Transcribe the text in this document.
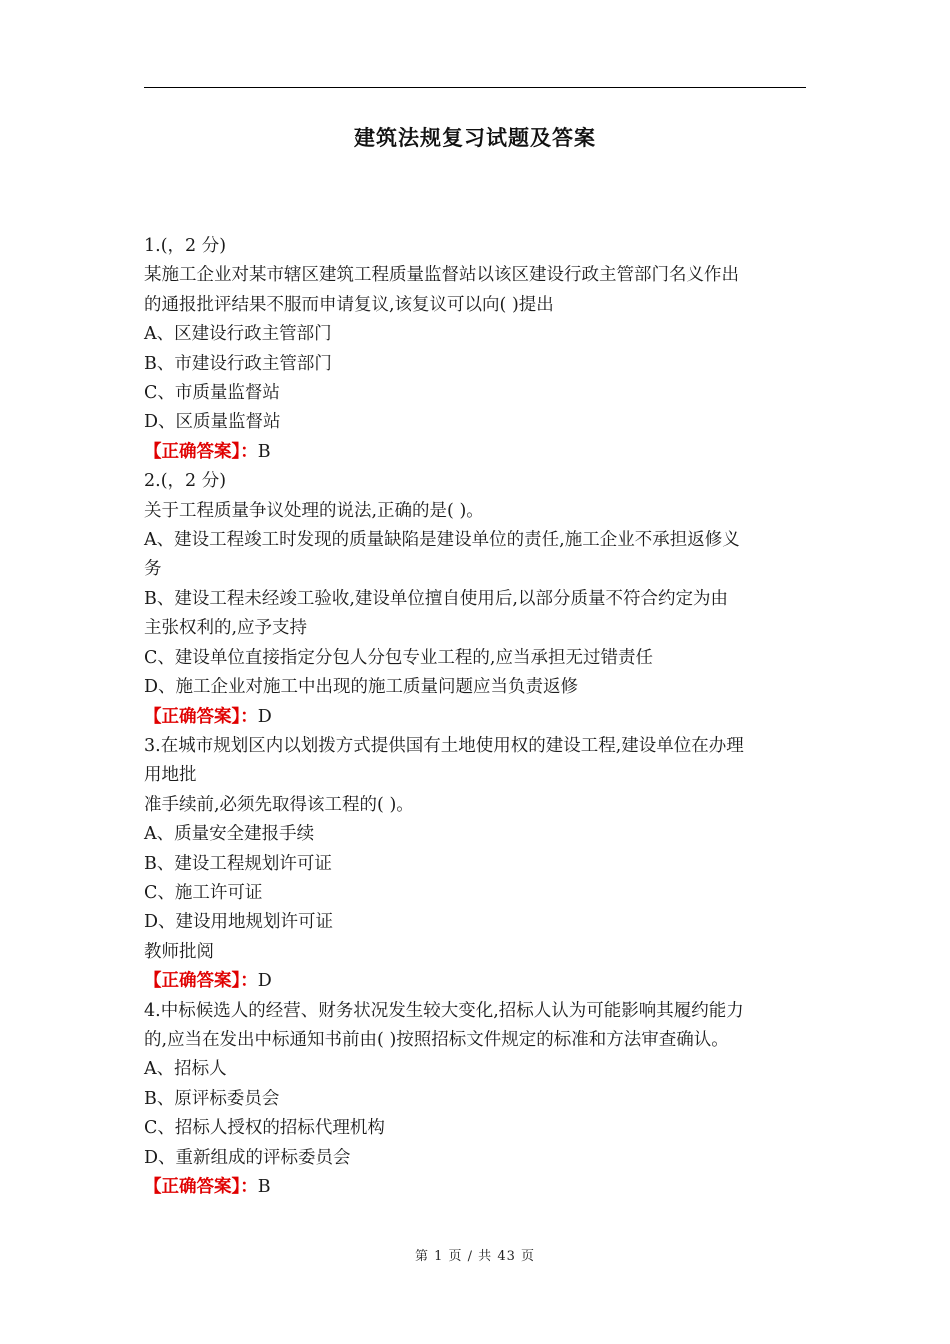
建筑法规复习试题及答案

1.(，2 分)

某施工企业对某市辖区建筑工程质量监督站以该区建设行政主管部门名义作出

的通报批评结果不服而申请复议,该复议可以向( )提出

A、区建设行政主管部门

B、市建设行政主管部门

C、市质量监督站

D、区质量监督站

【正确答案】：B

2.(，2 分)

关于工程质量争议处理的说法,正确的是( )。

A、建设工程竣工时发现的质量缺陷是建设单位的责任,施工企业不承担返修义

务

B、建设工程未经竣工验收,建设单位擅自使用后,以部分质量不符合约定为由

主张权利的,应予支持

C、建设单位直接指定分包人分包专业工程的,应当承担无过错责任

D、施工企业对施工中出现的施工质量问题应当负责返修

【正确答案】：D

3.在城市规划区内以划拨方式提供国有土地使用权的建设工程,建设单位在办理

用地批

准手续前,必须先取得该工程的( )。

A、质量安全建报手续

B、建设工程规划许可证

C、施工许可证

D、建设用地规划许可证

教师批阅

【正确答案】：D

4.中标候选人的经营、财务状况发生较大变化,招标人认为可能影响其履约能力

的,应当在发出中标通知书前由( )按照招标文件规定的标准和方法审查确认。

A、招标人

B、原评标委员会

C、招标人授权的招标代理机构

D、重新组成的评标委员会

【正确答案】：B

第 1 页 / 共 43 页
